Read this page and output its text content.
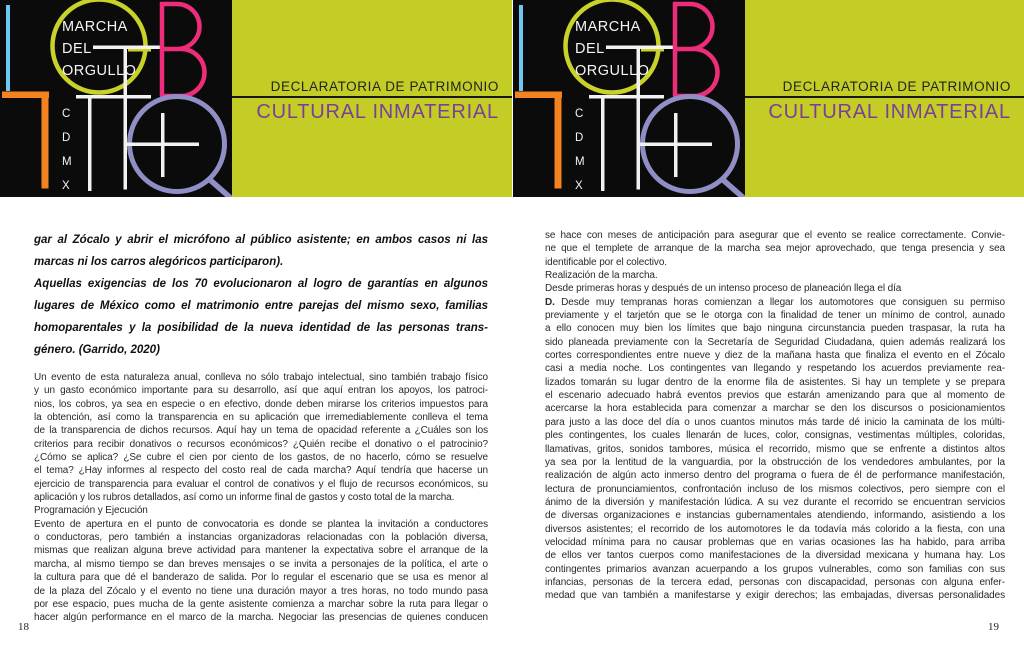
MARCHA
DEL
ORGULLO
C
D
M
X
DECLARATORIA DE PATRIMONIO
CULTURAL INMATERIAL
gar al Zócalo y abrir el micrófono al público asistente; en ambos casos ni las
marcas ni los carros alegóricos participaron).
Aquellas exigencias de los 70 evolucionaron al logro de garantías en algunos
lugares de México como el matrimonio entre parejas del mismo sexo, familias
homoparentales y la posibilidad de la nueva identidad de las personas trans-
género. (Garrido, 2020)
Un evento de esta naturaleza anual, conlleva no sólo trabajo intelectual, sino también trabajo físico
y un gasto económico importante para su desarrollo, así que aquí entran los apoyos, los patroci-
nios, los cobros, ya sea en especie o en efectivo, donde deben mirarse los criterios impuestos para
la obtención, así como la transparencia en su aplicación que irremediablemente conlleva el tema
de la transparencia de dichos recursos. Aquí hay un tema de opacidad referente a ¿Cuáles son los
criterios para recibir donativos o recursos económicos? ¿Quién recibe el donativo o el patrocinio?
¿Cómo se aplica? ¿Se cubre el cien por ciento de los gastos, de no hacerlo, cómo se resuelve
el tema? ¿Hay informes al respecto del costo real de cada marcha? Aquí tendría que hacerse un
ejercicio de transparencia para evaluar el control de conativos y el flujo de recursos económicos, su
aplicación y los rubros detallados, así como un informe final de gastos y costo total de la marcha.
Programación y Ejecución
Evento de apertura en el punto de convocatoria es donde se plantea la invitación a conductores
o conductoras, pero también a instancias organizadoras relacionadas con la población diversa,
mismas que realizan alguna breve actividad para mantener la expectativa sobre el arranque de la
marcha, al mismo tiempo se dan breves mensajes o se invita a personajes de la política, el arte o
la cultura para que dé el banderazo de salida. Por lo regular el escenario que se usa es menor al
de la plaza del Zócalo y el evento no tiene una duración mayor a tres horas, no todo mundo pasa
por ese espacio, pues mucha de la gente asistente comienza a marchar sobre la ruta para llegar o
hacer algún performance en el marco de la marcha. Negociar las presencias de quienes conducen
18
MARCHA
DEL
ORGULLO
C
D
M
X
DECLARATORIA DE PATRIMONIO
CULTURAL INMATERIAL
se hace con meses de anticipación para asegurar que el evento se realice correctamente. Convie-
ne que el templete de arranque de la marcha sea mejor aprovechado, que tenga presencia y sea
identificable por el colectivo.
Realización de la marcha.
Desde primeras horas y después de un intenso proceso de planeación llega el día
D. Desde muy tempranas horas comienzan a llegar los automotores que consiguen su permiso
previamente y el tarjetón que se le otorga con la finalidad de tener un mínimo de control, aunado
a ello conocen muy bien los límites que bajo ninguna circunstancia pueden traspasar, la ruta ha
sido planeada previamente con la Secretaría de Seguridad Ciudadana, quien además realizará los
cortes correspondientes entre nueve y diez de la mañana hasta que finaliza el evento en el Zócalo
casi a media noche. Los contingentes van llegando y respetando los acuerdos previamente rea-
lizados tomarán su lugar dentro de la enorme fila de asistentes. Si hay un templete y se prepara
el escenario adecuado habrá eventos previos que estarán amenizando para que al momento de
acercarse la hora establecida para comenzar a marchar se den los discursos o posicionamientos
para justo a las doce del día o unos cuantos minutos más tarde dé inicio la caminata de los múlti-
ples contingentes, los cuales llenarán de luces, color, consignas, vestimentas múltiples, coloridas,
llamativas, gritos, sonidos tambores, música el recorrido, mismo que se enfrente a distintos altos
ya sea por la lentitud de la vanguardia, por la obstrucción de los vendedores ambulantes, por la
realización de algún acto inmerso dentro del programa o fuera de él de performance manifestación,
lectura de pronunciamientos, confrontación incluso de los mismos colectivos, pero siempre con el
ánimo de la diversión y manifestación lúdica. A su vez durante el recorrido se encuentran servicios
de diversas organizaciones e instancias gubernamentales atendiendo, informando, asistiendo a los
diversos asistentes; el recorrido de los automotores le da todavía más colorido a la fiesta, con una
velocidad mínima para no causar problemas que en varias ocasiones las ha habido, para arriba
de ellos ver tantos cuerpos como manifestaciones de la diversidad mexicana y humana hay. Los
contingentes primarios avanzan acuerpando a los grupos vulnerables, como son familias con sus
infancias, personas de la tercera edad, personas con discapacidad, personas con alguna enfer-
medad que van también a manifestarse y exigir derechos; las embajadas, diversas personalidades
19
